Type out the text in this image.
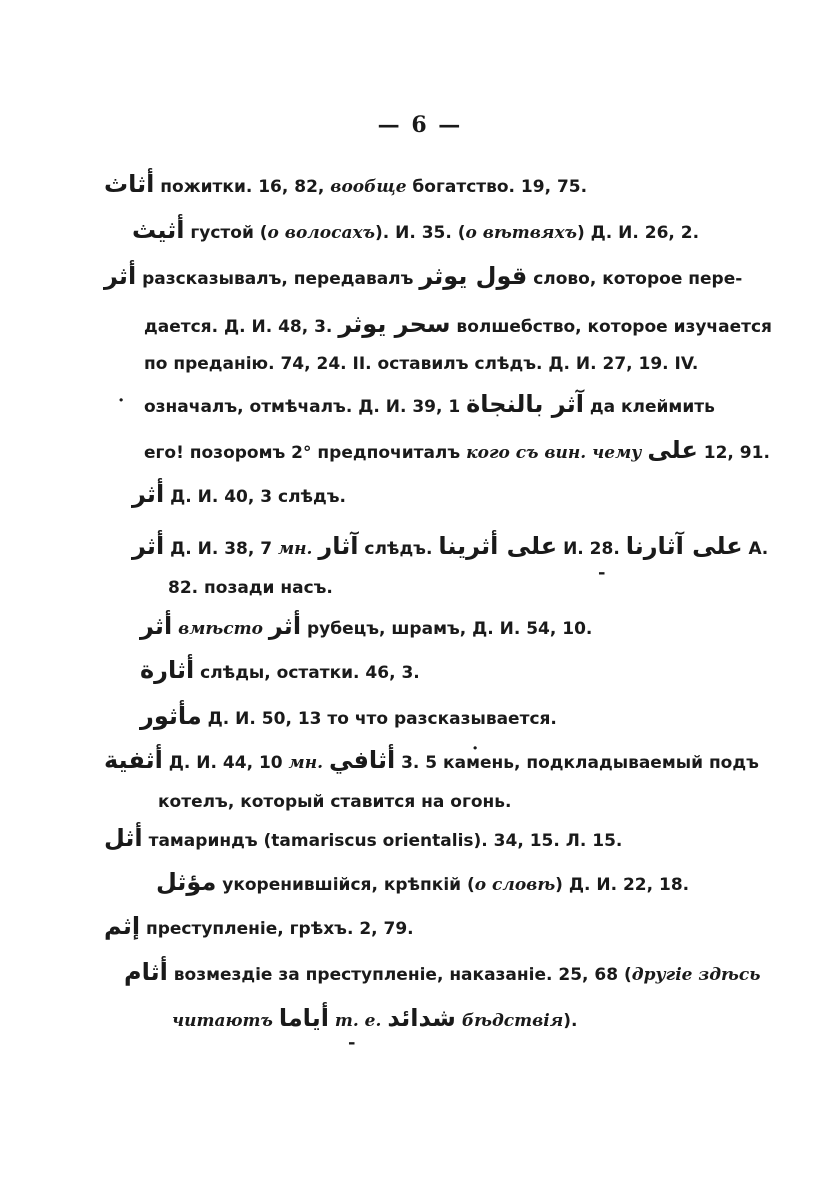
— 6 —
أثاث пожитки. 16, 82, вообще богатство. 19, 75.
أثيث густой (о волосахъ). И. 35. (о вѣтвяхъ) Д. И. 26, 2.
أثر разсказывалъ, передавалъ قول يوثر слово, которое пере-
дается. Д. И. 48, 3. سحر يوثر волшебство, которое изучается
по преданію. 74, 24. II. оставилъ слѣдъ. Д. И. 27, 19. IV.
означалъ, отмѣчалъ. Д. И. 39, 1 آثر بالنجاة да клеймить
·
его! позоромъ 2° предпочиталъ кого съ вин. чему على 12, 91.
أثر Д. И. 40, 3 слѣдъ.
أثر Д. И. 38, 7 мн. آثار слѣдъ. على أثرينا И. 28. على آثارنا А.
82. позади насъ.
أثر вмѣсто أثر рубецъ, шрамъ, Д. И. 54, 10.
أثارة слѣды, остатки. 46, 3.
مأثور Д. И. 50, 13 то что разсказывается.
أثفية Д. И. 44, 10 мн. أثافي 3. 5 камень, подкладываемый подъ
котелъ, который ставится на огонь.
أثل тамариндъ (tamariscus orientalis). 34, 15. Л. 15.
مؤثل укоренившійся, крѣпкій (о словѣ) Д. И. 22, 18.
إثم преступленіе, грѣхъ. 2, 79.
أثام возмездіе за преступленіе, наказаніе. 25, 68 (другіе здѣсь
читаютъ أياما т. е. شدائد бѣдствія).
-
-
·
